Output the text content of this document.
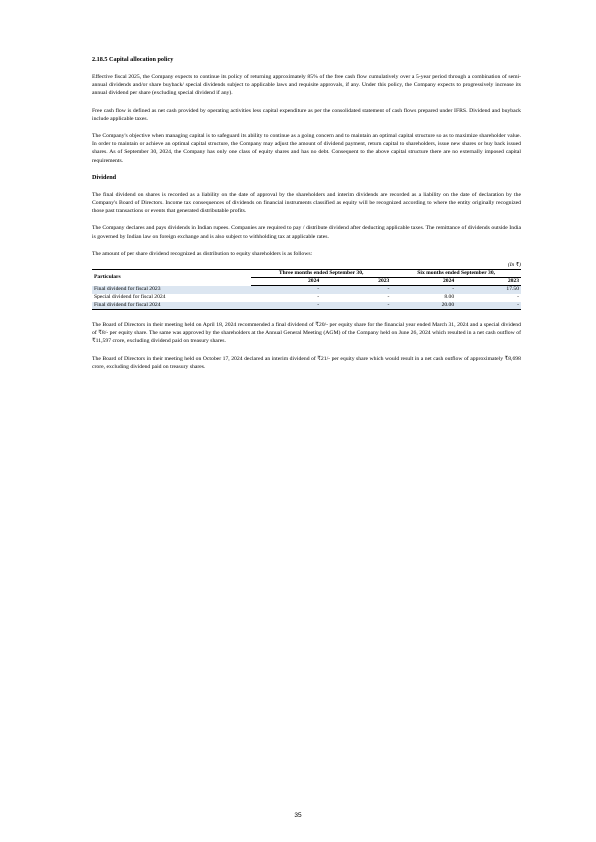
2.18.5 Capital allocation policy

Effective fiscal 2025, the Company expects to continue its policy of returning approximately 85% of the free cash flow cumulatively over a 5-year period through a combination of semi-annual dividends and/or share buyback/ special dividends subject to applicable laws and requisite approvals, if any. Under this policy, the Company expects to progressively increase its annual dividend per share (excluding special dividend if any).

Free cash flow is defined as net cash provided by operating activities less capital expenditure as per the consolidated statement of cash flows prepared under IFRS. Dividend and buyback include applicable taxes.

The Company's objective when managing capital is to safeguard its ability to continue as a going concern and to maintain an optimal capital structure so as to maximize shareholder value. In order to maintain or achieve an optimal capital structure, the Company may adjust the amount of dividend payment, return capital to shareholders, issue new shares or buy back issued shares. As of September 30, 2024, the Company has only one class of equity shares and has no debt. Consequent to the above capital structure there are no externally imposed capital requirements.

Dividend

The final dividend on shares is recorded as a liability on the date of approval by the shareholders and interim dividends are recorded as a liability on the date of declaration by the Company's Board of Directors. Income tax consequences of dividends on financial instruments classified as equity will be recognized according to where the entity originally recognized those past transactions or events that generated distributable profits.

The Company declares and pays dividends in Indian rupees. Companies are required to pay / distribute dividend after deducting applicable taxes. The remittance of dividends outside India is governed by Indian law on foreign exchange and is also subject to withholding tax at applicable rates.

The amount of per share dividend recognized as distribution to equity shareholders is as follows:

(In ₹)
Particulars	Three months ended September 30,		Six months ended September 30,	
	2024	2023	2024	2023
Final dividend for fiscal 2023	-	-	-	17.50
Special dividend for fiscal 2024	-	-	8.00	-
Final dividend for fiscal 2024	-	-	20.00	-

The Board of Directors in their meeting held on April 18, 2024 recommended a final dividend of ₹20/- per equity share for the financial year ended March 31, 2024 and a special dividend of ₹8/- per equity share. The same was approved by the shareholders at the Annual General Meeting (AGM) of the Company held on June 26, 2024 which resulted in a net cash outflow of ₹11,597 crore, excluding dividend paid on treasury shares.

The Board of Directors in their meeting held on October 17, 2024 declared an interim dividend of ₹21/- per equity share which would result in a net cash outflow of approximately ₹8,698 crore, excluding dividend paid on treasury shares.

35
